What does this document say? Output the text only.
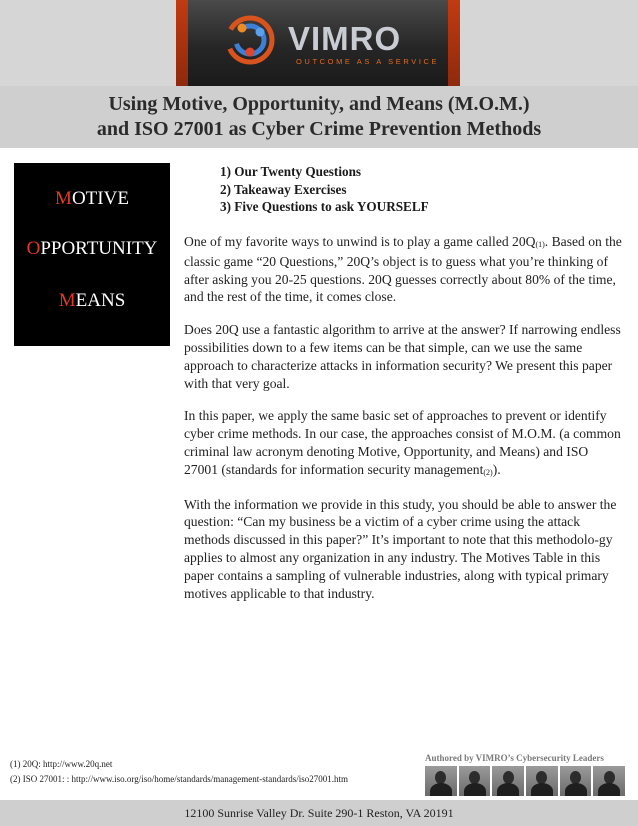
VIMRO
OUTCOME AS A SERVICE
Using Motive, Opportunity, and Means (M.O.M.)
and ISO 27001 as Cyber Crime Prevention Methods
MOTIVE
OPPORTUNITY
MEANS
1) Our Twenty Questions
2) Takeaway Exercises
3) Five Questions to ask YOURSELF

One of my favorite ways to unwind is to play a game called 20Q(1). Based on the classic game “20 Questions,” 20Q’s object is to guess what you’re thinking of after asking you 20-25 questions. 20Q guesses correctly about 80% of the time, and the rest of the time, it comes close.

Does 20Q use a fantastic algorithm to arrive at the answer? If narrowing endless possibilities down to a few items can be that simple, can we use the same approach to characterize attacks in information security? We present this paper with that very goal.

In this paper, we apply the same basic set of approaches to prevent or identify cyber crime methods. In our case, the approaches consist of M.O.M. (a common criminal law acronym denoting Motive, Opportunity, and Means) and ISO 27001 (standards for information security management(2)).

With the information we provide in this study, you should be able to answer the question: “Can my business be a victim of a cyber crime using the attack methods discussed in this paper?” It’s important to note that this methodolo-gy applies to almost any organization in any industry. The Motives Table in this paper contains a sampling of vulnerable industries, along with typical primary motives applicable to that industry.

(1) 20Q: http://www.20q.net
(2) ISO 27001: : http://www.iso.org/iso/home/standards/management-standards/iso27001.htm
Authored by VIMRO’s Cybersecurity Leaders
12100 Sunrise Valley Dr. Suite 290-1 Reston, VA 20191
